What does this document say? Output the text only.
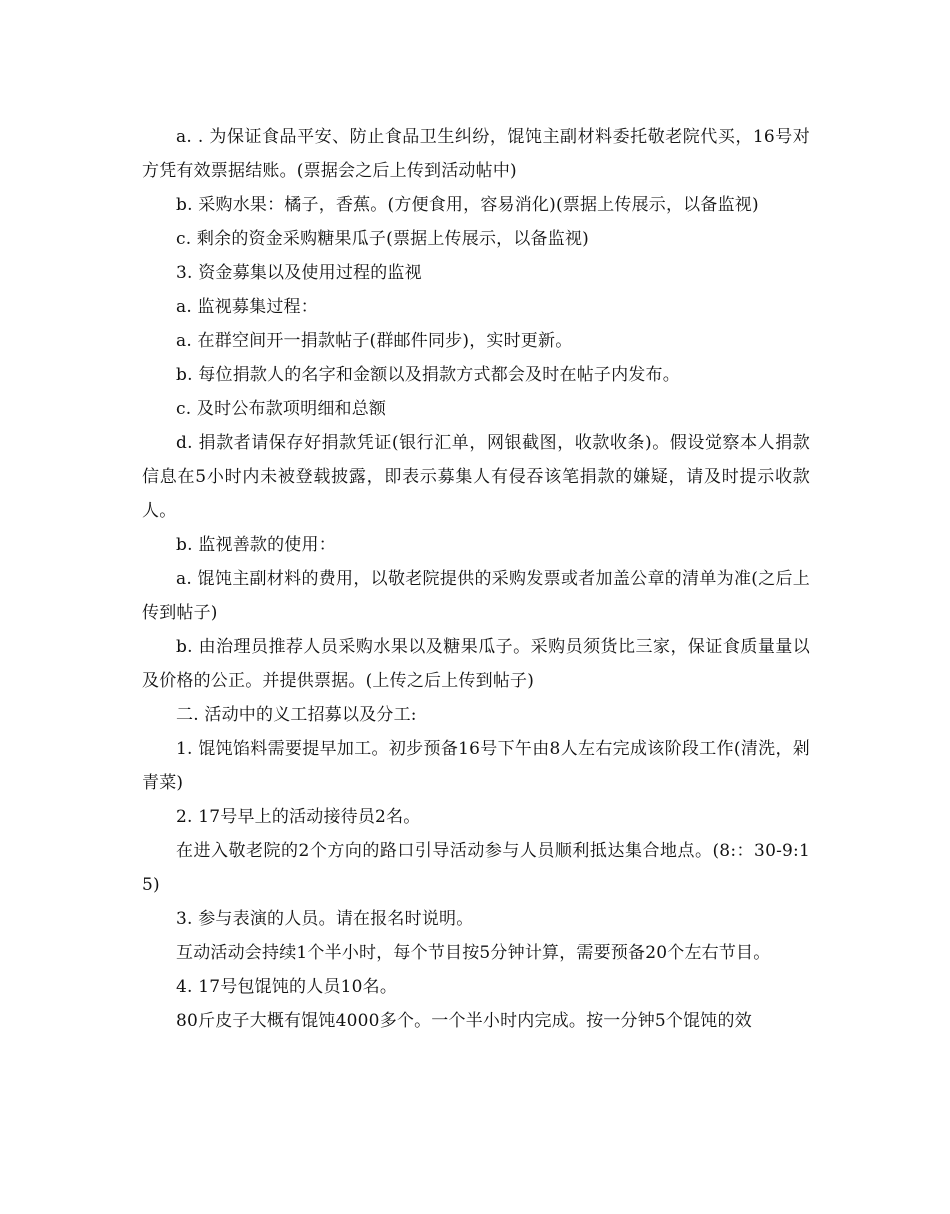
a. . 为保证食品平安、防止食品卫生纠纷，馄饨主副材料委托敬老院代买，16号对方凭有效票据结账。(票据会之后上传到活动帖中)

b. 采购水果：橘子，香蕉。(方便食用，容易消化)(票据上传展示，以备监视)

c. 剩余的资金采购糖果瓜子(票据上传展示，以备监视)

3. 资金募集以及使用过程的监视

a. 监视募集过程：

a. 在群空间开一捐款帖子(群邮件同步)，实时更新。

b. 每位捐款人的名字和金额以及捐款方式都会及时在帖子内发布。

c. 及时公布款项明细和总额

d. 捐款者请保存好捐款凭证(银行汇单，网银截图，收款收条)。假设觉察本人捐款信息在5小时内未被登载披露，即表示募集人有侵吞该笔捐款的嫌疑，请及时提示收款人。

b. 监视善款的使用：

a. 馄饨主副材料的费用，以敬老院提供的采购发票或者加盖公章的清单为准(之后上传到帖子)

b. 由治理员推荐人员采购水果以及糖果瓜子。采购员须货比三家，保证食质量量以及价格的公正。并提供票据。(上传之后上传到帖子)

二. 活动中的义工招募以及分工:

1. 馄饨馅料需要提早加工。初步预备16号下午由8人左右完成该阶段工作(清洗，剁青菜)

2. 17号早上的活动接待员2名。

在进入敬老院的2个方向的路口引导活动参与人员顺利抵达集合地点。(8:：30-9:15)

3. 参与表演的人员。请在报名时说明。

互动活动会持续1个半小时，每个节目按5分钟计算，需要预备20个左右节目。

4. 17号包馄饨的人员10名。

80斤皮子大概有馄饨4000多个。一个半小时内完成。按一分钟5个馄饨的效
